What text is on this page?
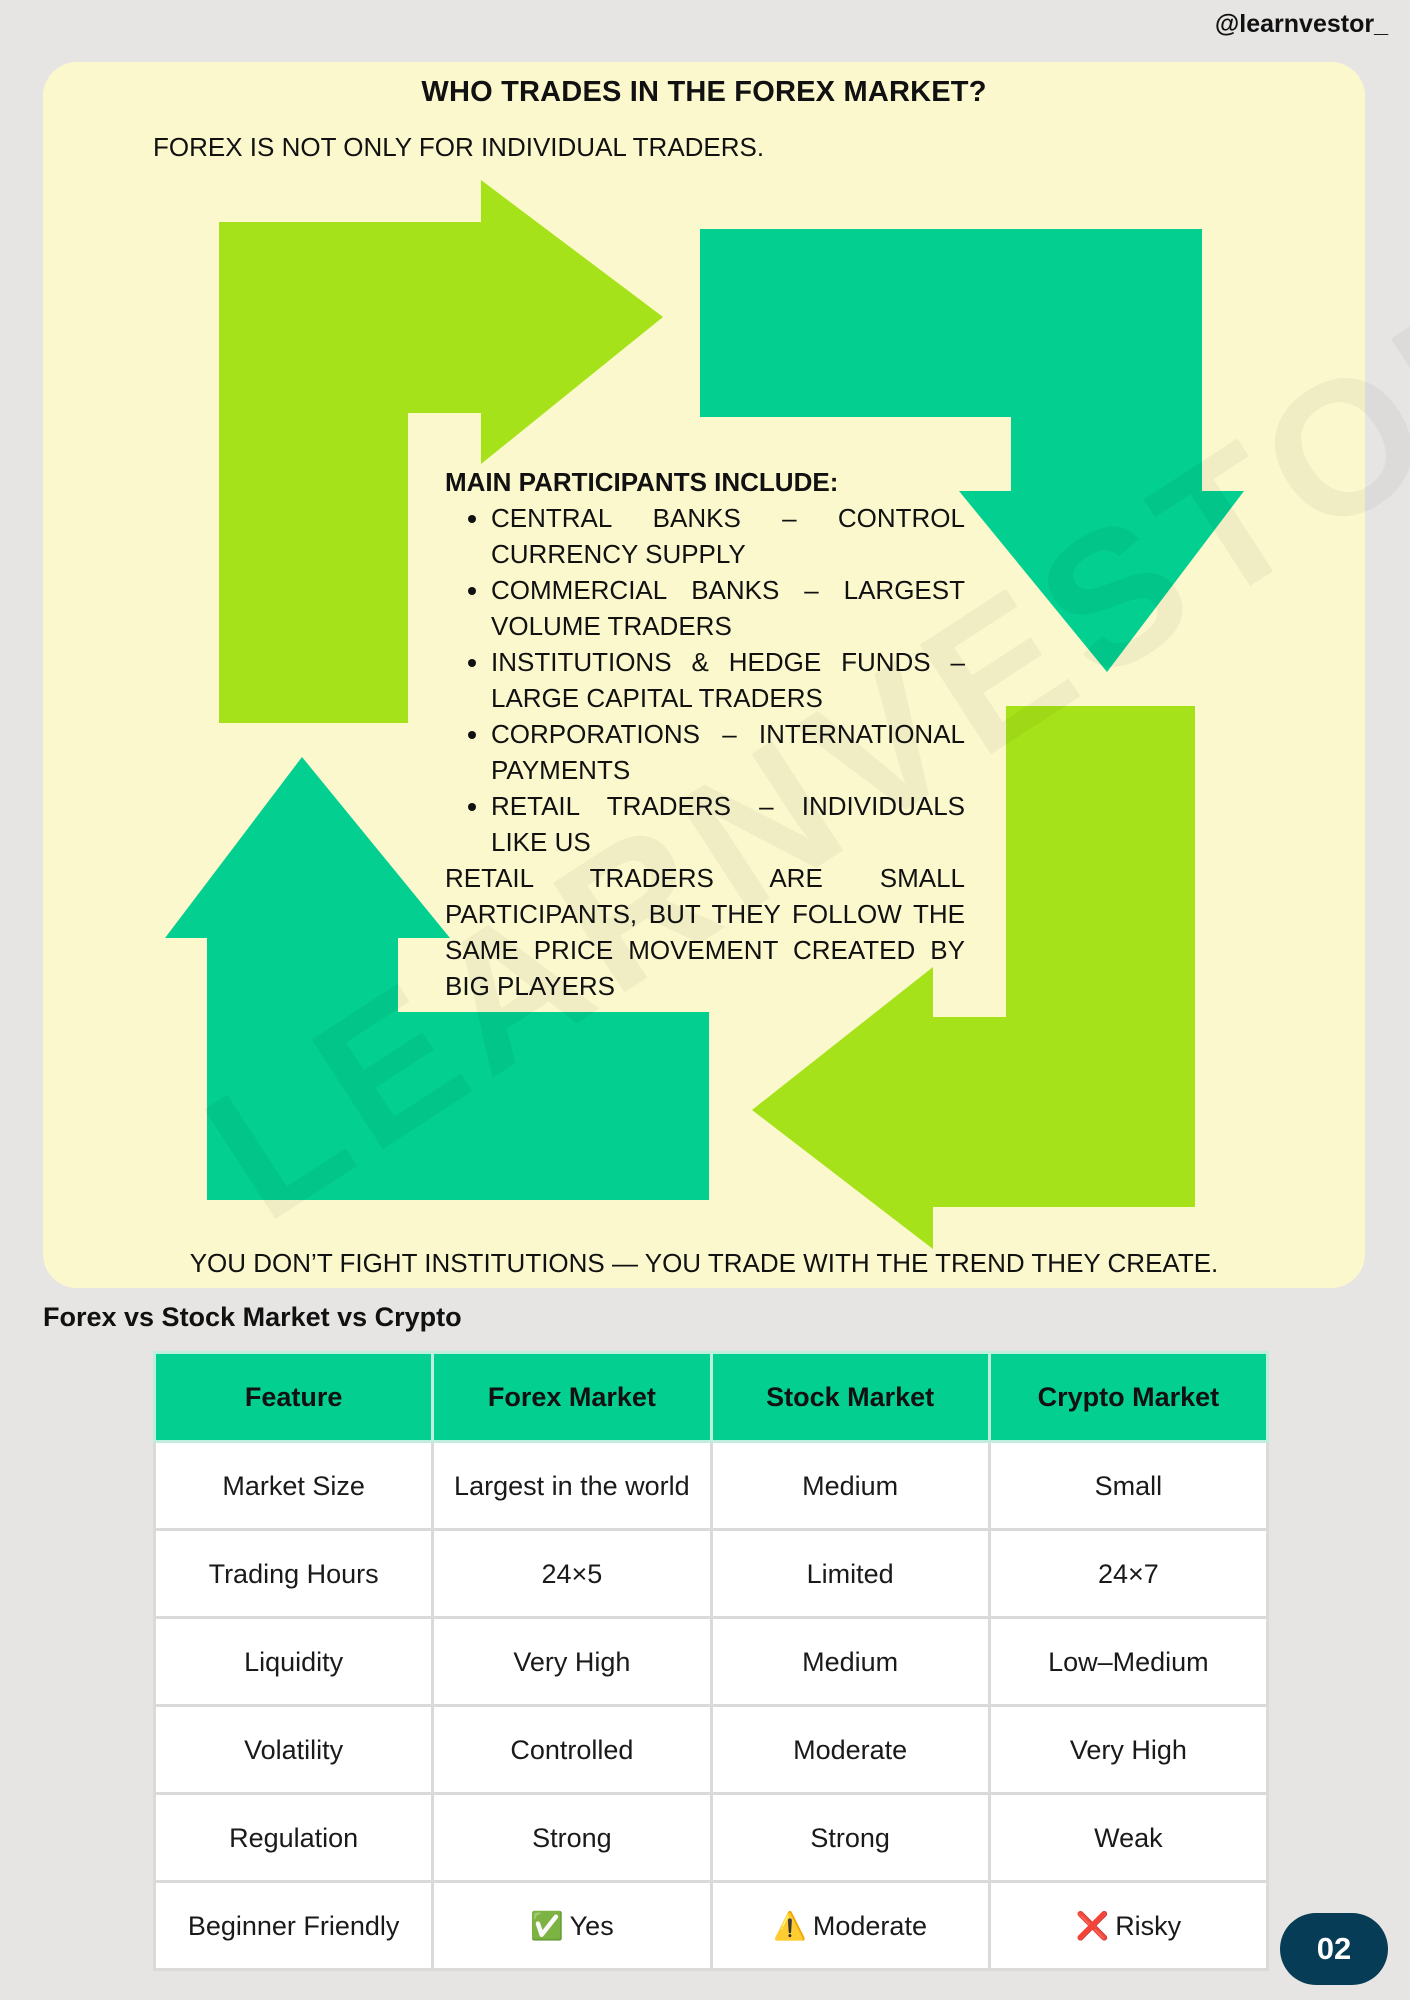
@learnvestor_
WHO TRADES IN THE FOREX MARKET?
FOREX IS NOT ONLY FOR INDIVIDUAL TRADERS.
MAIN PARTICIPANTS INCLUDE:
• CENTRAL BANKS – CONTROL CURRENCY SUPPLY
• COMMERCIAL BANKS – LARGEST VOLUME TRADERS
• INSTITUTIONS & HEDGE FUNDS – LARGE CAPITAL TRADERS
• CORPORATIONS – INTERNATIONAL PAYMENTS
• RETAIL TRADERS – INDIVIDUALS LIKE US
RETAIL TRADERS ARE SMALL PARTICIPANTS, BUT THEY FOLLOW THE SAME PRICE MOVEMENT CREATED BY BIG PLAYERS
YOU DON’T FIGHT INSTITUTIONS — YOU TRADE WITH THE TREND THEY CREATE.
Forex vs Stock Market vs Crypto
Feature	Forex Market	Stock Market	Crypto Market
Market Size	Largest in the world	Medium	Small
Trading Hours	24×5	Limited	24×7
Liquidity	Very High	Medium	Low–Medium
Volatility	Controlled	Moderate	Very High
Regulation	Strong	Strong	Weak
Beginner Friendly	✅ Yes	⚠️ Moderate	❌ Risky
02
